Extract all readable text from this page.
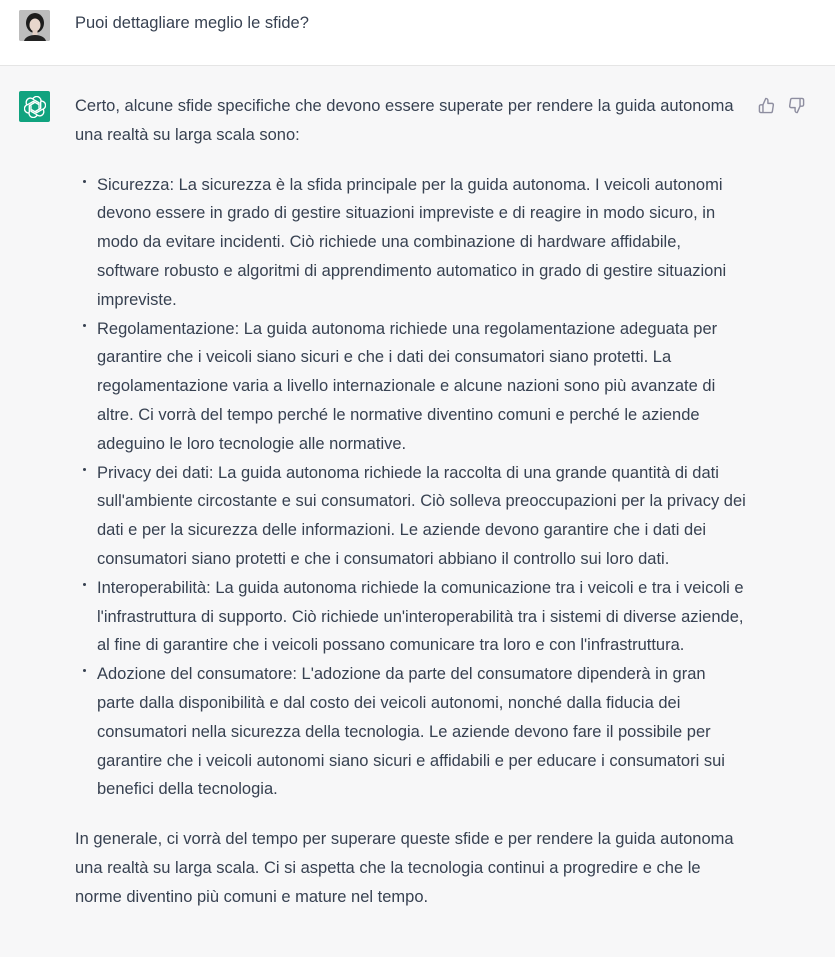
Puoi dettagliare meglio le sfide?

Certo, alcune sfide specifiche che devono essere superate per rendere la guida autonoma una realtà su larga scala sono:

Sicurezza: La sicurezza è la sfida principale per la guida autonoma. I veicoli autonomi devono essere in grado di gestire situazioni impreviste e di reagire in modo sicuro, in modo da evitare incidenti. Ciò richiede una combinazione di hardware affidabile, software robusto e algoritmi di apprendimento automatico in grado di gestire situazioni impreviste.
Regolamentazione: La guida autonoma richiede una regolamentazione adeguata per garantire che i veicoli siano sicuri e che i dati dei consumatori siano protetti. La regolamentazione varia a livello internazionale e alcune nazioni sono più avanzate di altre. Ci vorrà del tempo perché le normative diventino comuni e perché le aziende adeguino le loro tecnologie alle normative.
Privacy dei dati: La guida autonoma richiede la raccolta di una grande quantità di dati sull'ambiente circostante e sui consumatori. Ciò solleva preoccupazioni per la privacy dei dati e per la sicurezza delle informazioni. Le aziende devono garantire che i dati dei consumatori siano protetti e che i consumatori abbiano il controllo sui loro dati.
Interoperabilità: La guida autonoma richiede la comunicazione tra i veicoli e tra i veicoli e l'infrastruttura di supporto. Ciò richiede un'interoperabilità tra i sistemi di diverse aziende, al fine di garantire che i veicoli possano comunicare tra loro e con l'infrastruttura.
Adozione del consumatore: L'adozione da parte del consumatore dipenderà in gran parte dalla disponibilità e dal costo dei veicoli autonomi, nonché dalla fiducia dei consumatori nella sicurezza della tecnologia. Le aziende devono fare il possibile per garantire che i veicoli autonomi siano sicuri e affidabili e per educare i consumatori sui benefici della tecnologia.

In generale, ci vorrà del tempo per superare queste sfide e per rendere la guida autonoma una realtà su larga scala. Ci si aspetta che la tecnologia continui a progredire e che le norme diventino più comuni e mature nel tempo.
